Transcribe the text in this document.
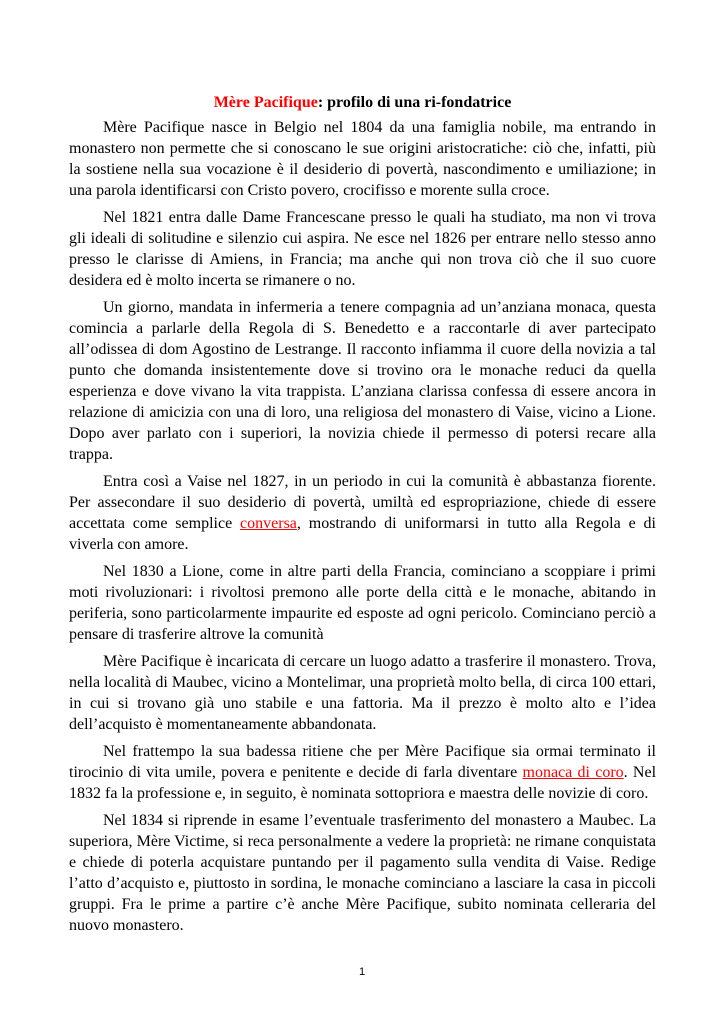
Mère Pacifique: profilo di una ri-fondatrice

Mère Pacifique nasce in Belgio nel 1804 da una famiglia nobile, ma entrando in monastero non permette che si conoscano le sue origini aristocratiche: ciò che, infatti, più la sostiene nella sua vocazione è il desiderio di povertà, nascondimento e umiliazione; in una parola identificarsi con Cristo povero, crocifisso e morente sulla croce.

Nel 1821 entra dalle Dame Francescane presso le quali ha studiato, ma non vi trova gli ideali di solitudine e silenzio cui aspira. Ne esce nel 1826 per entrare nello stesso anno presso le clarisse di Amiens, in Francia; ma anche qui non trova ciò che il suo cuore desidera ed è molto incerta se rimanere o no.

Un giorno, mandata in infermeria a tenere compagnia ad un’anziana monaca, questa comincia a parlarle della Regola di S. Benedetto e a raccontarle di aver partecipato all’odissea di dom Agostino de Lestrange. Il racconto infiamma il cuore della novizia a tal punto che domanda insistentemente dove si trovino ora le monache reduci da quella esperienza e dove vivano la vita trappista. L’anziana clarissa confessa di essere ancora in relazione di amicizia con una di loro, una religiosa del monastero di Vaise, vicino a Lione. Dopo aver parlato con i superiori, la novizia chiede il permesso di potersi recare alla trappa.

Entra così a Vaise nel 1827, in un periodo in cui la comunità è abbastanza fiorente. Per assecondare il suo desiderio di povertà, umiltà ed espropriazione, chiede di essere accettata come semplice conversa, mostrando di uniformarsi in tutto alla Regola e di viverla con amore.

Nel 1830 a Lione, come in altre parti della Francia, cominciano a scoppiare i primi moti rivoluzionari: i rivoltosi premono alle porte della città e le monache, abitando in periferia, sono particolarmente impaurite ed esposte ad ogni pericolo. Cominciano perciò a pensare di trasferire altrove la comunità

Mère Pacifique è incaricata di cercare un luogo adatto a trasferire il monastero. Trova, nella località di Maubec, vicino a Montelimar, una proprietà molto bella, di circa 100 ettari, in cui si trovano già uno stabile e una fattoria. Ma il prezzo è molto alto e l’idea dell’acquisto è momentaneamente abbandonata.

Nel frattempo la sua badessa ritiene che per Mère Pacifique sia ormai terminato il tirocinio di vita umile, povera e penitente e decide di farla diventare monaca di coro. Nel 1832 fa la professione e, in seguito, è nominata sottopriora e maestra delle novizie di coro.

Nel 1834 si riprende in esame l’eventuale trasferimento del monastero a Maubec. La superiora, Mère Victime, si reca personalmente a vedere la proprietà: ne rimane conquistata e chiede di poterla acquistare puntando per il pagamento sulla vendita di Vaise. Redige l’atto d’acquisto e, piuttosto in sordina, le monache cominciano a lasciare la casa in piccoli gruppi. Fra le prime a partire c’è anche Mère Pacifique, subito nominata celleraria del nuovo monastero.

1
